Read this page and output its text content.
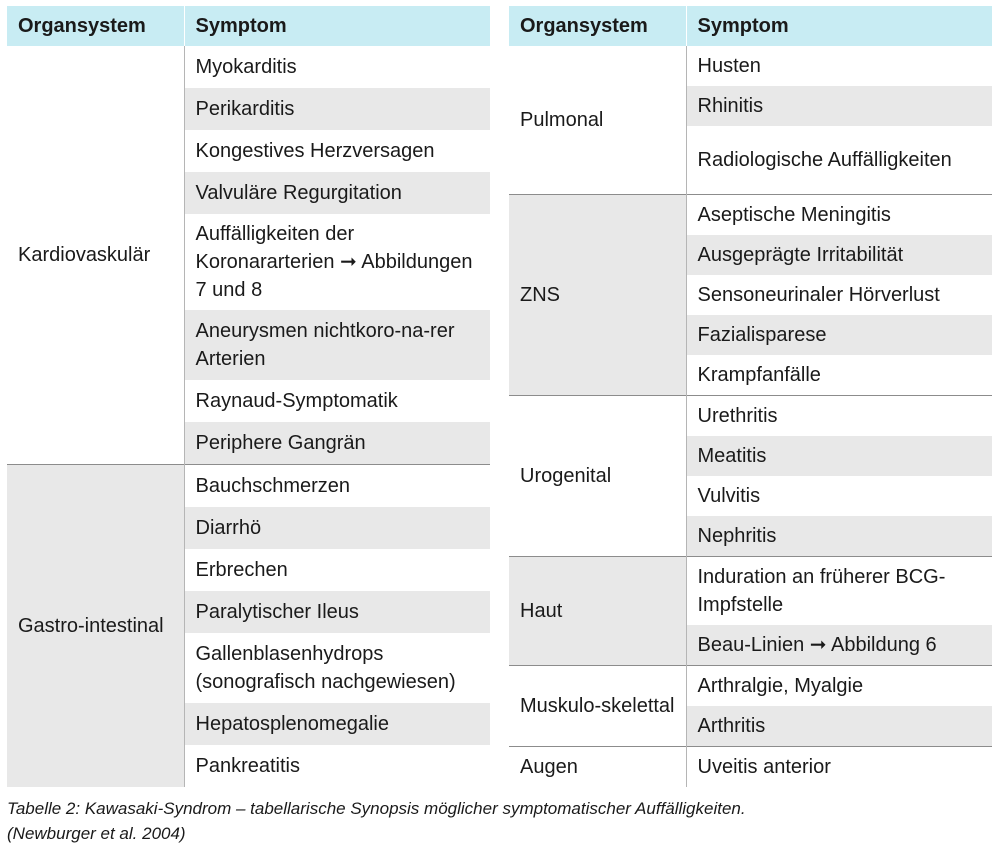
Organsystem	Symptom
Kardiovaskulär	Myokarditis
	Perikarditis
	Kongestives Herzversagen
	Valvuläre Regurgitation
	Auffälligkeiten der Koronararterien ➞ Abbildungen 7 und 8
	Aneurysmen nichtkoro-na-rer Arterien
	Raynaud-Symptomatik
	Periphere Gangrän
Gastro-intestinal	Bauchschmerzen
	Diarrhö
	Erbrechen
	Paralytischer Ileus
	Gallenblasenhydrops (sonografisch nachgewiesen)
	Hepatosplenomegalie
	Pankreatitis
Organsystem	Symptom
Pulmonal	Husten
	Rhinitis
	Radiologische Auffälligkeiten
ZNS	Aseptische Meningitis
	Ausgeprägte Irritabilität
	Sensoneurinaler Hörverlust
	Fazialisparese
	Krampfanfälle
Urogenital	Urethritis
	Meatitis
	Vulvitis
	Nephritis
Haut	Induration an früherer BCG-Impfstelle
	Beau-Linien ➞ Abbildung 6
Muskulo-skelettal	Arthralgie, Myalgie
	Arthritis
Augen	Uveitis anterior
Tabelle 2: Kawasaki-Syndrom – tabellarische Synopsis möglicher symptomatischer Auffälligkeiten.
(Newburger et al. 2004)
